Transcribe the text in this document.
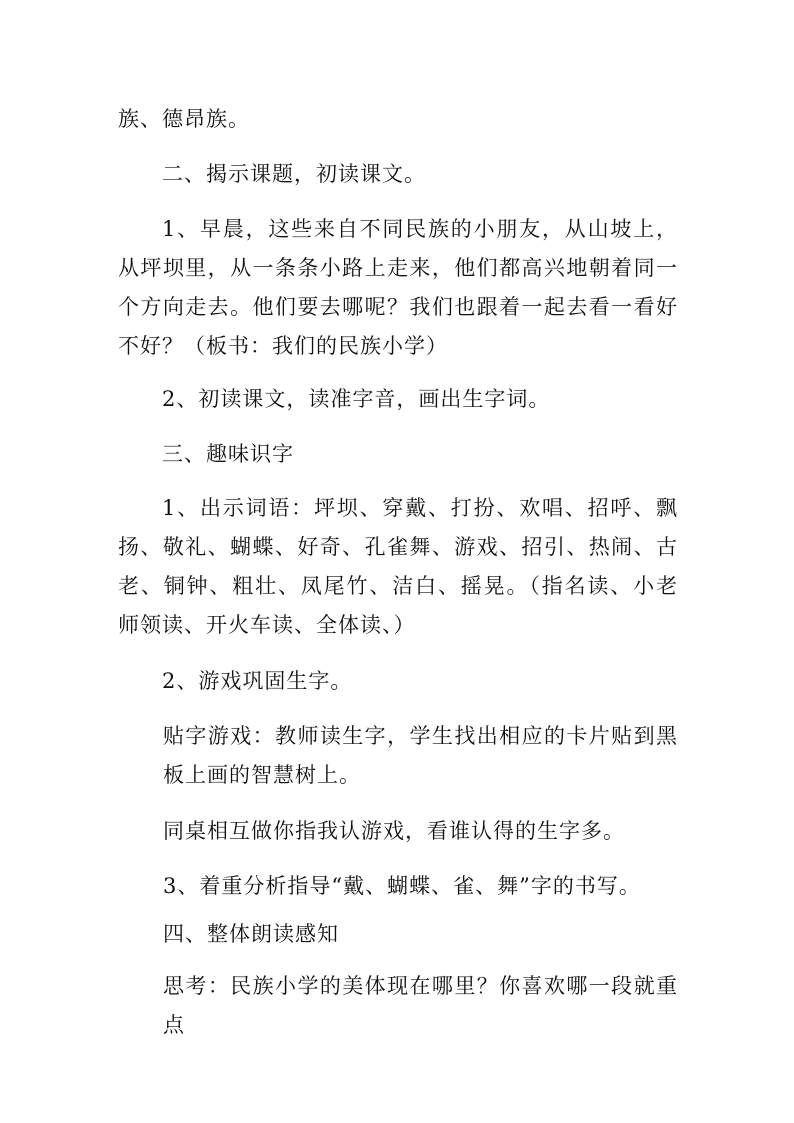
族、德昂族。

二、揭示课题，初读课文。

1、早晨，这些来自不同民族的小朋友，从山坡上，从坪坝里，从一条条小路上走来，他们都高兴地朝着同一个方向走去。他们要去哪呢？我们也跟着一起去看一看好不好？（板书：我们的民族小学）

2、初读课文，读准字音，画出生字词。

三、趣味识字

1、出示词语：坪坝、穿戴、打扮、欢唱、招呼、飘扬、敬礼、蝴蝶、好奇、孔雀舞、游戏、招引、热闹、古老、铜钟、粗壮、凤尾竹、洁白、摇晃。（指名读、小老师领读、开火车读、全体读、）

2、游戏巩固生字。

贴字游戏：教师读生字，学生找出相应的卡片贴到黑板上画的智慧树上。

同桌相互做你指我认游戏，看谁认得的生字多。

3、着重分析指导“戴、蝴蝶、雀、舞”字的书写。

四、整体朗读感知

思考：民族小学的美体现在哪里？你喜欢哪一段就重点
